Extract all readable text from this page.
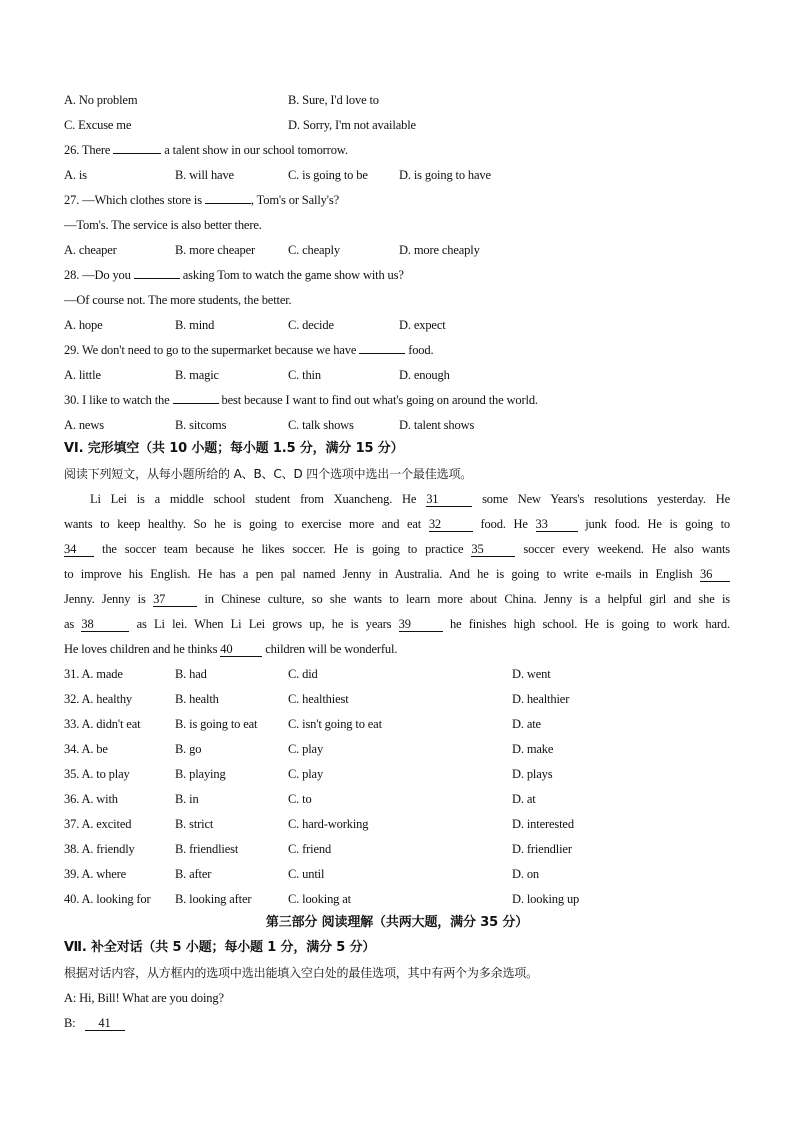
A. No problem	B. Sure, I'd love to
C. Excuse me	D. Sorry, I'm not available
26. There	a talent show in our school tomorrow.
A. is	B. will have	C. is going to be	D. is going to have
27. —Which clothes store is	, Tom's or Sally's?
—Tom's. The service is also better there.
A. cheaper	B. more cheaper	C. cheaply	D. more cheaply
28. —Do you	asking Tom to watch the game show with us?
—Of course not. The more students, the better.
A. hope	B. mind	C. decide	D. expect
29. We don't need to go to the supermarket because we have	food.
A. little	B. magic	C. thin	D. enough
30. I like to watch the	best because I want to find out what's going on around the world.
A. news	B. sitcoms	C. talk shows	D. talent shows
VI. 完形填空（共 10 小题；每小题 1.5 分，满分 15 分）
阅读下列短文，从每小题所给的 A、B、C、D 四个选项中选出一个最佳选项。
Li Lei is a middle school student from Xuancheng. He 31	some New Years's resolutions yesterday. He
wants to keep healthy. So he is going to exercise more and eat 32	food. He 33	junk food. He is going to
34 the soccer team because he likes soccer. He is going to practice 35	soccer every weekend. He also wants
to improve his English. He has a pen pal named Jenny in Australia. And he is going to write e-mails in English 36
Jenny. Jenny is 37	in Chinese culture, so she wants to learn more about China. Jenny is a helpful girl and she is
as 38	as Li lei. When Li Lei grows up, he is years 39	he finishes high school. He is going to work hard.
He loves children and he thinks 40	children will be wonderful.
31. A. made	B. had	C. did	D. went
32. A. healthy	B. health	C. healthiest	D. healthier
33. A. didn't eat	B. is going to eat C. isn't going to eat	D. ate
34. A. be	B. go	C. play	D. make
35. A. to play	B. playing	C. play	D. plays
36. A. with	B. in	C. to	D. at
37. A. excited	B. strict	C. hard-working	D. interested
38. A. friendly	B. friendliest	C. friend	D. friendlier
39. A. where	B. after	C. until	D. on
40. A. looking for B. looking after	C. looking at	D. looking up
第三部分 阅读理解（共两大题，满分 35 分）
Ⅶ. 补全对话（共 5 小题；每小题 1 分，满分 5 分）
根据对话内容，从方框内的选项中选出能填入空白处的最佳选项，其中有两个为多余选项。
A: Hi, Bill! What are you doing?
B: 41
